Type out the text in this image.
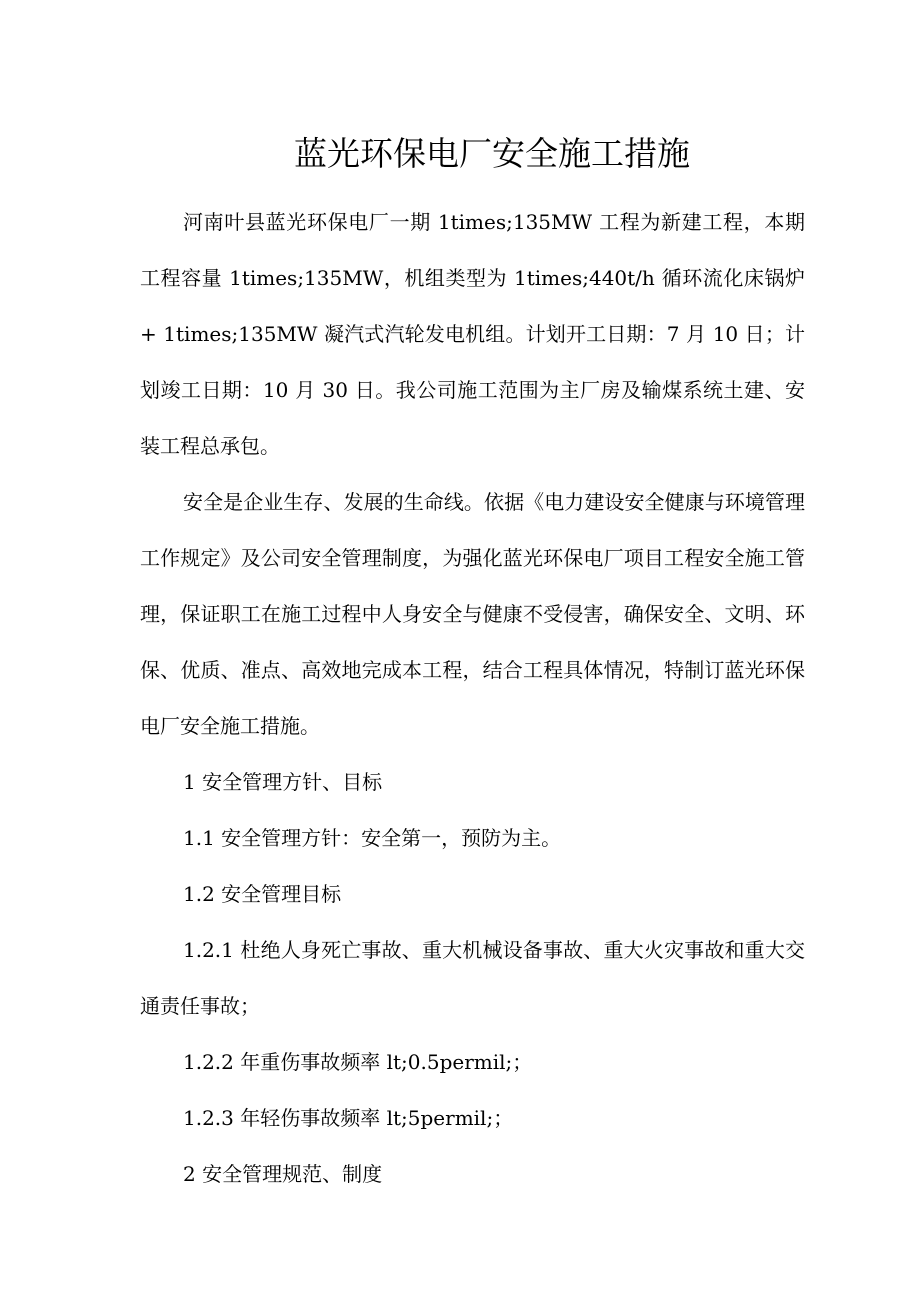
蓝光环保电厂安全施工措施

河南叶县蓝光环保电厂一期 1times;135MW 工程为新建工程，本期工程容量 1times;135MW，机组类型为 1times;440t/h 循环流化床锅炉 + 1times;135MW 凝汽式汽轮发电机组。计划开工日期：7 月 10 日；计划竣工日期：10 月 30 日。我公司施工范围为主厂房及输煤系统土建、安装工程总承包。

安全是企业生存、发展的生命线。依据《电力建设安全健康与环境管理工作规定》及公司安全管理制度，为强化蓝光环保电厂项目工程安全施工管理，保证职工在施工过程中人身安全与健康不受侵害，确保安全、文明、环保、优质、准点、高效地完成本工程，结合工程具体情况，特制订蓝光环保电厂安全施工措施。

1 安全管理方针、目标

1.1 安全管理方针：安全第一，预防为主。

1.2 安全管理目标

1.2.1 杜绝人身死亡事故、重大机械设备事故、重大火灾事故和重大交通责任事故；

1.2.2 年重伤事故频率 lt;0.5permil;；

1.2.3 年轻伤事故频率 lt;5permil;；

2 安全管理规范、制度
